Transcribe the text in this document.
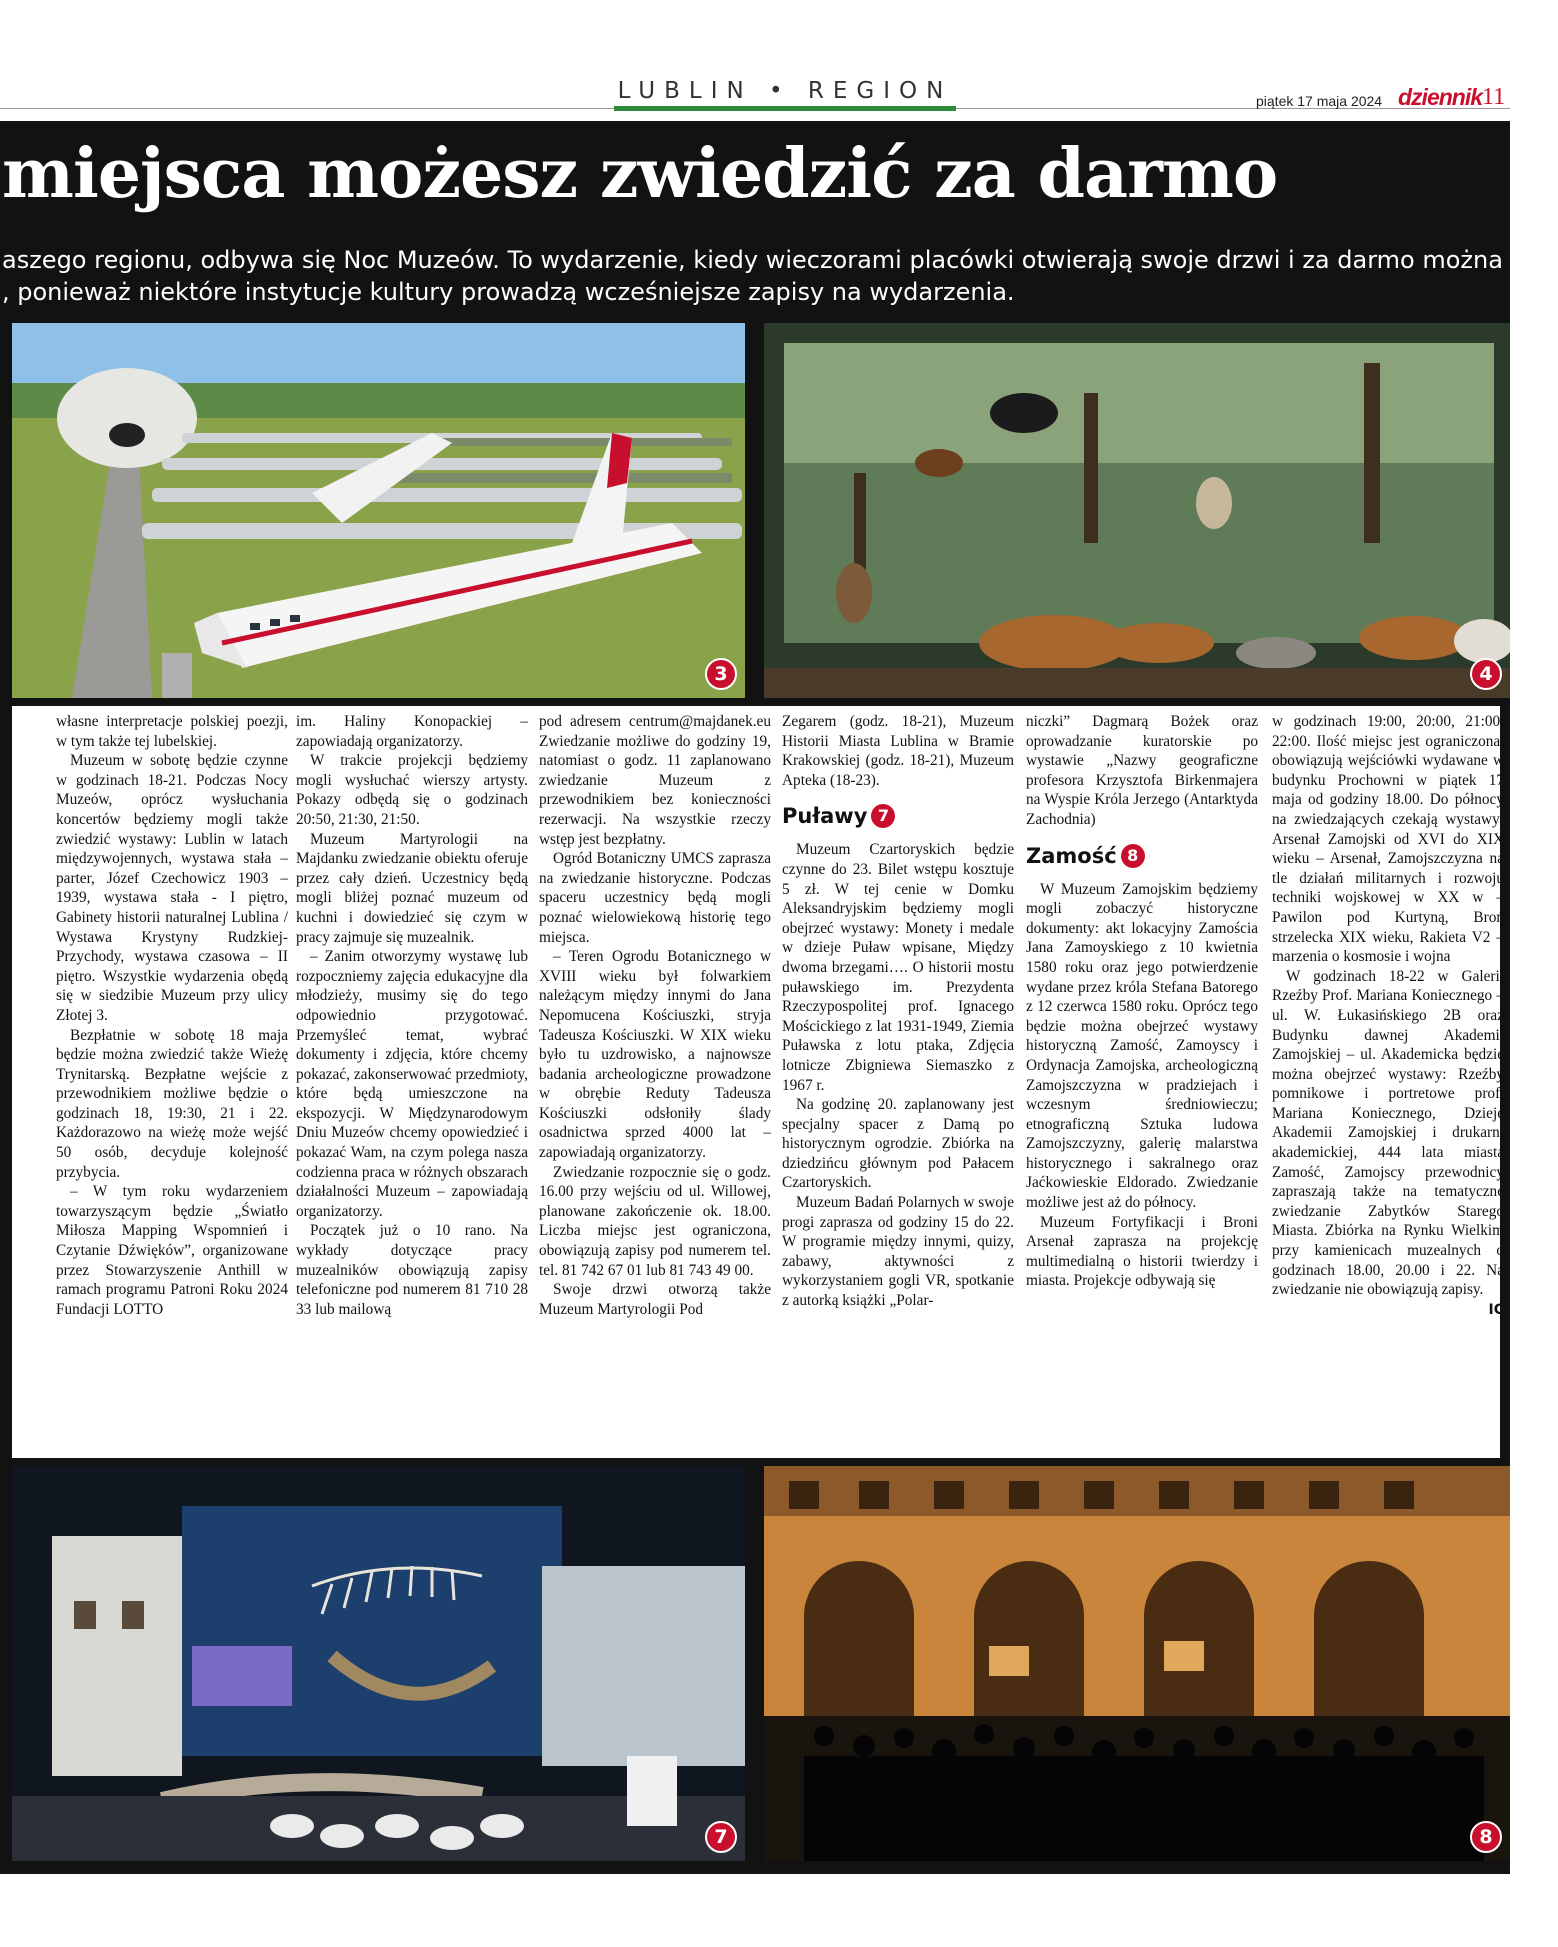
LUBLIN • REGION	piątek 17 maja 2024 dziennik 11
miejsca możesz zwiedzić za darmo
aszego regionu, odbywa się Noc Muzeów. To wydarzenie, kiedy wieczorami placówki otwierają swoje drzwi i za darmo można
, ponieważ niektóre instytucje kultury prowadzą wcześniejsze zapisy na wydarzenia.
3	4

własne interpretacje polskiej poezji, w tym także tej lubelskiej.

Muzeum w sobotę będzie czynne w godzinach 18-21. Podczas Nocy Muzeów, oprócz wysłuchania koncertów będziemy mogli także zwiedzić wystawy: Lublin w latach międzywojennych, wystawa stała – parter, Józef Czechowicz 1903 – 1939, wystawa stała - I piętro, Gabinety historii naturalnej Lublina / Wystawa Krystyny Rudzkiej-Przychody, wystawa czasowa – II piętro. Wszystkie wydarzenia obędą się w siedzibie Muzeum przy ulicy Złotej 3.

Bezpłatnie w sobotę 18 maja będzie można zwiedzić także Wieżę Trynitarską. Bezpłatne wejście z przewodnikiem możliwe będzie o godzinach 18, 19:30, 21 i 22. Każdorazowo na wieżę może wejść 50 osób, decyduje kolejność przybycia.

– W tym roku wydarzeniem towarzyszącym będzie „Światło Miłosza Mapping Wspomnień i Czytanie Dźwięków”, organizowane przez Stowarzyszenie Anthill w ramach programu Patroni Roku 2024 Fundacji LOTTO

im. Haliny Konopackiej – zapowiadają organizatorzy.

W trakcie projekcji będziemy mogli wysłuchać wierszy artysty. Pokazy odbędą się o godzinach 20:50, 21:30, 21:50.

Muzeum Martyrologii na Majdanku zwiedzanie obiektu oferuje przez cały dzień. Uczestnicy będą mogli bliżej poznać muzeum od kuchni i dowiedzieć się czym w pracy zajmuje się muzealnik.

– Zanim otworzymy wystawę lub rozpoczniemy zajęcia edukacyjne dla młodzieży, musimy się do tego odpowiednio przygotować. Przemyśleć temat, wybrać dokumenty i zdjęcia, które chcemy pokazać, zakonserwować przedmioty, które będą umieszczone na ekspozycji. W Międzynarodowym Dniu Muzeów chcemy opowiedzieć i pokazać Wam, na czym polega nasza codzienna praca w różnych obszarach działalności Muzeum – zapowiadają organizatorzy.

Początek już o 10 rano. Na wykłady dotyczące pracy muzealników obowiązują zapisy telefoniczne pod numerem 81 710 28 33 lub mailową

pod adresem centrum@majdanek.eu Zwiedzanie możliwe do godziny 19, natomiast o godz. 11 zaplanowano zwiedzanie Muzeum z przewodnikiem bez konieczności rezerwacji. Na wszystkie rzeczy wstęp jest bezpłatny.

Ogród Botaniczny UMCS zaprasza na zwiedzanie historyczne. Podczas spaceru uczestnicy będą mogli poznać wielowiekową historię tego miejsca.

– Teren Ogrodu Botanicznego w XVIII wieku był folwarkiem należącym między innymi do Jana Nepomucena Kościuszki, stryja Tadeusza Kościuszki. W XIX wieku było tu uzdrowisko, a najnowsze badania archeologiczne prowadzone w obrębie Reduty Tadeusza Kościuszki odsłoniły ślady osadnictwa sprzed 4000 lat – zapowiadają organizatorzy.

Zwiedzanie rozpocznie się o godz. 16.00 przy wejściu od ul. Willowej, planowane zakończenie ok. 18.00. Liczba miejsc jest ograniczona, obowiązują zapisy pod numerem tel. tel. 81 742 67 01 lub 81 743 49 00.

Swoje drzwi otworzą także Muzeum Martyrologii Pod

Zegarem (godz. 18-21), Muzeum Historii Miasta Lublina w Bramie Krakowskiej (godz. 18-21), Muzeum Apteka (18-23).

Puławy 7

Muzeum Czartoryskich będzie czynne do 23. Bilet wstępu kosztuje 5 zł. W tej cenie w Domku Aleksandryjskim będziemy mogli obejrzeć wystawy: Monety i medale w dziejе Puław wpisane, Między dwoma brzegami…. O historii mostu puławskiego im. Prezydenta Rzeczypospolitej prof. Ignacego Mościckiego z lat 1931-1949, Ziemia Puławska z lotu ptaka, Zdjęcia lotnicze Zbigniewa Siemaszko z 1967 r.

Na godzinę 20. zaplanowany jest specjalny spacer z Damą po historycznym ogrodzie. Zbiórka na dziedzińcu głównym pod Pałacem Czartoryskich.

Muzeum Badań Polarnych w swoje progi zaprasza od godziny 15 do 22. W programie między innymi, quizy, zabawy, aktywności z wykorzystaniem gogli VR, spotkanie z autorką książki „Polar-

niczki” Dagmarą Bożek oraz oprowadzanie kuratorskie po wystawie „Nazwy geograficzne profesora Krzysztofa Birkenmajera na Wyspie Króla Jerzego (Antarktyda Zachodnia)

Zamość 8

W Muzeum Zamojskim będziemy mogli zobaczyć historyczne dokumenty: akt lokacyjny Zamościa Jana Zamoyskiego z 10 kwietnia 1580 roku oraz jego potwierdzenie wydane przez króla Stefana Batorego z 12 czerwca 1580 roku. Oprócz tego będzie można obejrzeć wystawy historyczną Zamość, Zamoyscy i Ordynacja Zamojska, archeologiczną Zamojszczyzna w pradziejach i wczesnym średniowieczu; etnograficzną Sztuka ludowa Zamojszczyzny, galerię malarstwa historycznego i sakralnego oraz Jaćkowieskie Eldorado. Zwiedzanie możliwe jest aż do północy.

Muzeum Fortyfikacji i Broni Arsenał zaprasza na projekcję multimedialną o historii twierdzy i miasta. Projekcje odbywają się

w godzinach 19:00, 20:00, 21:00, 22:00. Ilość miejsc jest ograniczona, obowiązują wejściówki wydawane w budynku Prochowni w piątek 17 maja od godziny 18.00. Do północy na zwiedzających czekają wystawy: Arsenał Zamojski od XVI do XIX wieku – Arsenał, Zamojszczyzna na tle działań militarnych i rozwoju techniki wojskowej w XX w – Pawilon pod Kurtyną, Broń strzelecka XIX wieku, Rakieta V2 – marzenia o kosmosie i wojna

W godzinach 18-22 w Galerii Rzeźby Prof. Mariana Koniecznego – ul. W. Łukasińskiego 2B oraz Budynku dawnej Akademii Zamojskiej – ul. Akademicka będzie można obejrzeć wystawy: Rzeźby pomnikowe i portretowe prof. Mariana Koniecznego, Dzieje Akademii Zamojskiej i drukarni akademickiej, 444 lata miasta Zamość, Zamojscy przewodnicy zapraszają także na tematyczne zwiedzanie Zabytków Starego Miasta. Zbiórka na Rynku Wielkim przy kamienicach muzealnych o godzinach 18.00, 20.00 i 22. Na zwiedzanie nie obowiązują zapisy.

IC

7	8
